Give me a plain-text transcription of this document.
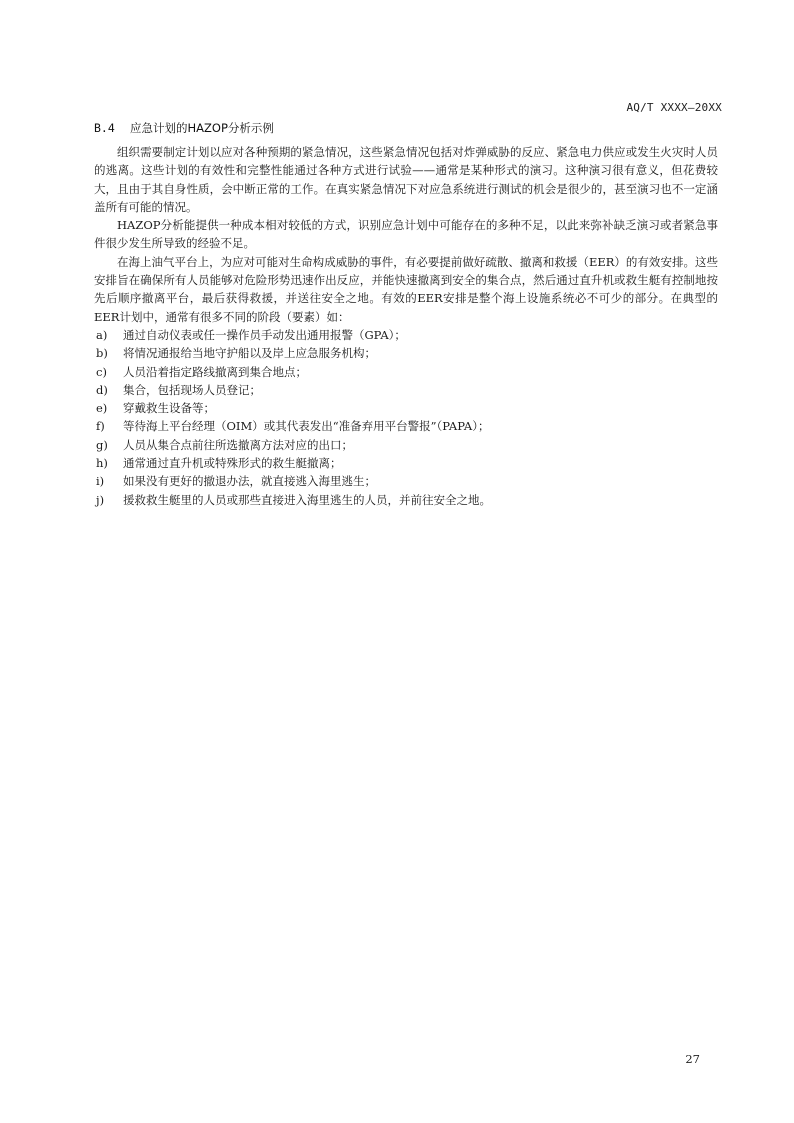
AQ/T XXXX—20XX
B.4 应急计划的HAZOP分析示例

组织需要制定计划以应对各种预期的紧急情况，这些紧急情况包括对炸弹威胁的反应、紧急电力供应或发生火灾时人员的逃离。这些计划的有效性和完整性能通过各种方式进行试验——通常是某种形式的演习。这种演习很有意义，但花费较大，且由于其自身性质，会中断正常的工作。在真实紧急情况下对应急系统进行测试的机会是很少的，甚至演习也不一定涵盖所有可能的情况。

HAZOP分析能提供一种成本相对较低的方式，识别应急计划中可能存在的多种不足，以此来弥补缺乏演习或者紧急事件很少发生所导致的经验不足。

在海上油气平台上，为应对可能对生命构成威胁的事件，有必要提前做好疏散、撤离和救援（EER）的有效安排。这些安排旨在确保所有人员能够对危险形势迅速作出反应，并能快速撤离到安全的集合点，然后通过直升机或救生艇有控制地按先后顺序撤离平台，最后获得救援，并送往安全之地。有效的EER安排是整个海上设施系统必不可少的部分。在典型的EER计划中，通常有很多不同的阶段（要素）如：

a)	通过自动仪表或任一操作员手动发出通用报警（GPA）；
b)	将情况通报给当地守护船以及岸上应急服务机构；
c)	人员沿着指定路线撤离到集合地点；
d)	集合，包括现场人员登记；
e)	穿戴救生设备等；
f)	等待海上平台经理（OIM）或其代表发出“准备弃用平台警报”（PAPA）；
g)	人员从集合点前往所选撤离方法对应的出口；
h)	通常通过直升机或特殊形式的救生艇撤离；
i)	如果没有更好的撤退办法，就直接逃入海里逃生；
j)	援救救生艇里的人员或那些直接进入海里逃生的人员，并前往安全之地。
27
